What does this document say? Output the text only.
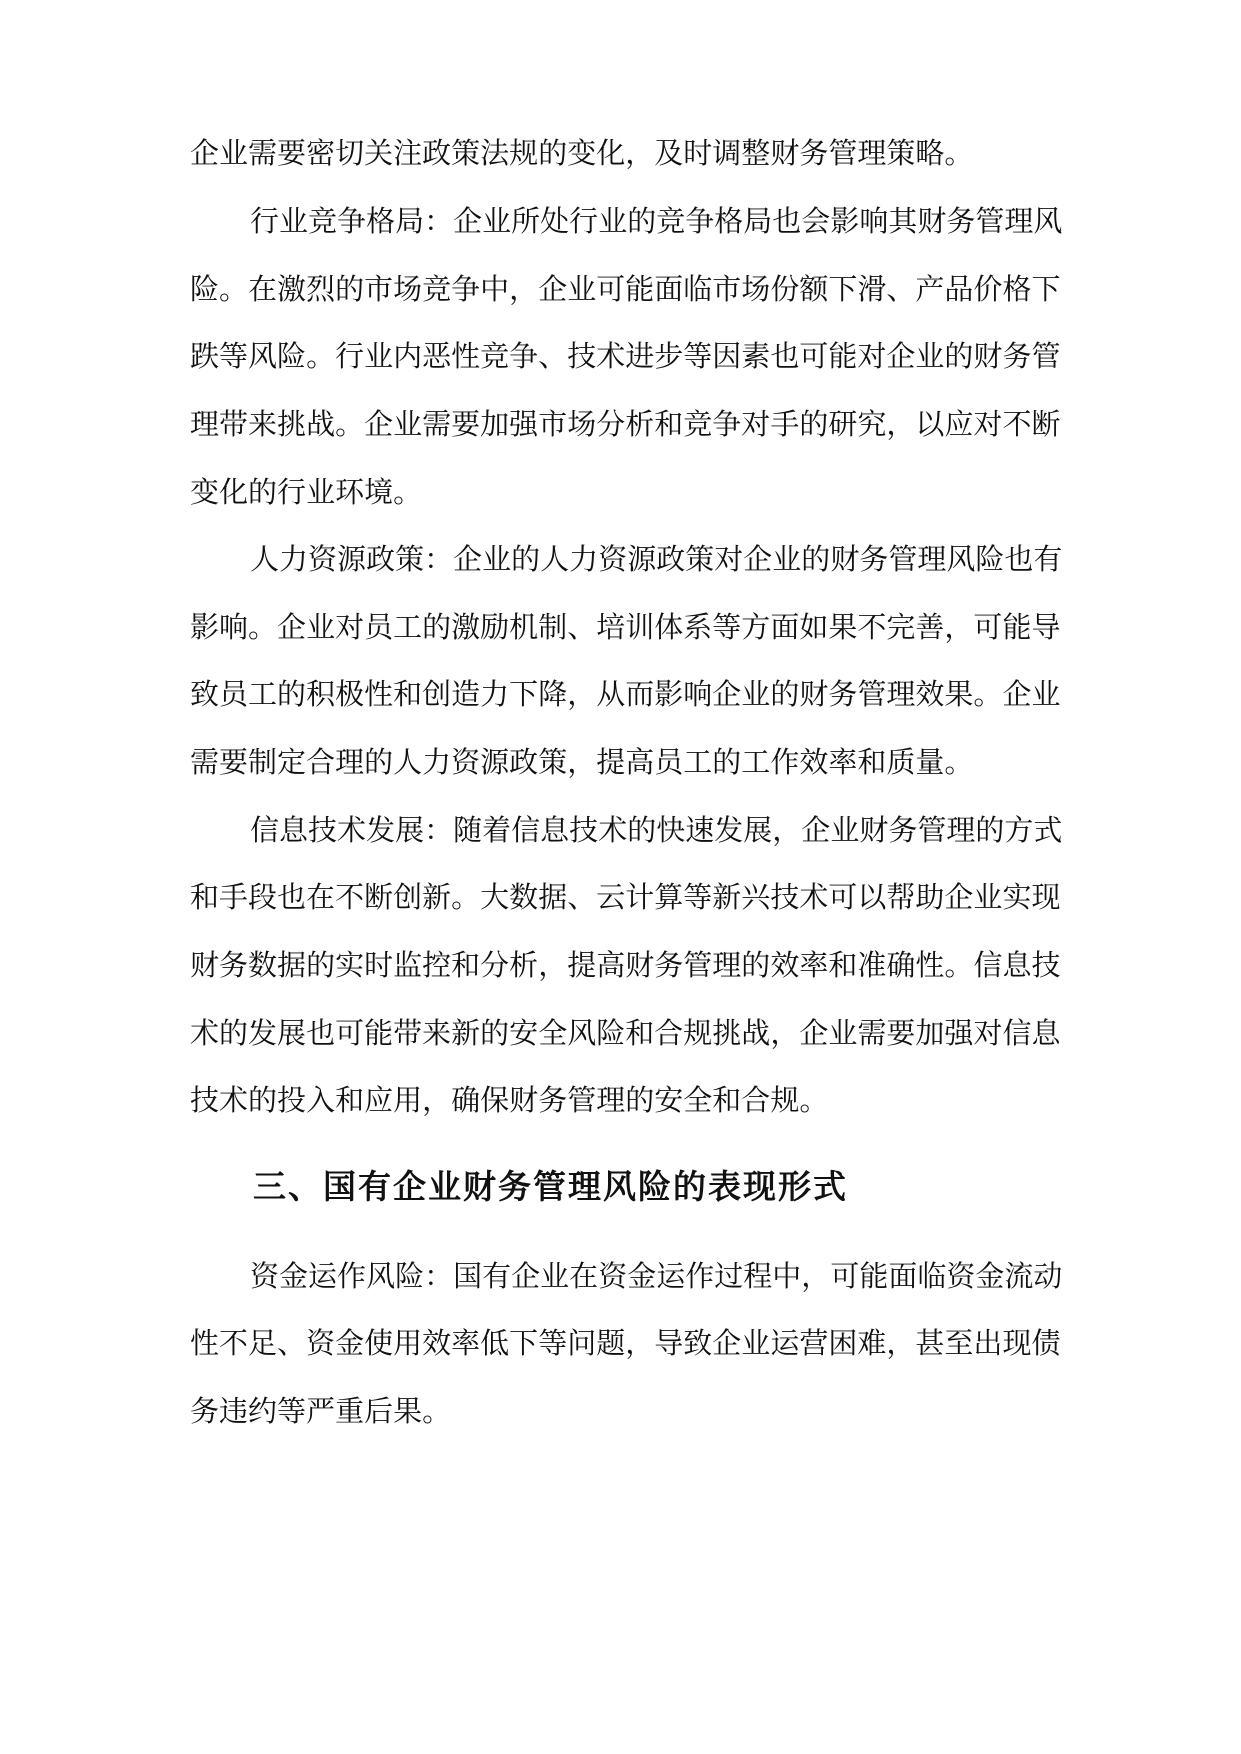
企 业 需 要 密 切 关 注 政 策 法 规 的 变 化 ， 及 时 调 整 财 务 管 理 策 略 。
行 业 竞 争 格 局 ： 企 业 所 处 行 业 的 竞 争 格 局 也 会 影 响 其 财 务 管 理 风
险 。 在 激 烈 的 市 场 竞 争 中 ， 企 业 可 能 面 临 市 场 份 额 下 滑 、 产 品 价 格 下
跌 等 风 险 。 行 业 内 恶 性 竞 争 、 技 术 进 步 等 因 素 也 可 能 对 企 业 的 财 务 管
理 带 来 挑 战 。 企 业 需 要 加 强 市 场 分 析 和 竞 争 对 手 的 研 究 ， 以 应 对 不 断
变 化 的 行 业 环 境 。
人 力 资 源 政 策 ： 企 业 的 人 力 资 源 政 策 对 企 业 的 财 务 管 理 风 险 也 有
影 响 。 企 业 对 员 工 的 激 励 机 制 、 培 训 体 系 等 方 面 如 果 不 完 善 ， 可 能 导
致 员 工 的 积 极 性 和 创 造 力 下 降 ， 从 而 影 响 企 业 的 财 务 管 理 效 果 。 企 业
需 要 制 定 合 理 的 人 力 资 源 政 策 ， 提 高 员 工 的 工 作 效 率 和 质 量 。
信 息 技 术 发 展 ： 随 着 信 息 技 术 的 快 速 发 展 ， 企 业 财 务 管 理 的 方 式
和 手 段 也 在 不 断 创 新 。 大 数 据 、 云 计 算 等 新 兴 技 术 可 以 帮 助 企 业 实 现
财 务 数 据 的 实 时 监 控 和 分 析 ， 提 高 财 务 管 理 的 效 率 和 准 确 性 。 信 息 技
术 的 发 展 也 可 能 带 来 新 的 安 全 风 险 和 合 规 挑 战 ， 企 业 需 要 加 强 对 信 息
技 术 的 投 入 和 应 用 ， 确 保 财 务 管 理 的 安 全 和 合 规 。
三、国有企业财务管理风险的表现形式
资 金 运 作 风 险 ： 国 有 企 业 在 资 金 运 作 过 程 中 ， 可 能 面 临 资 金 流 动
性 不 足 、 资 金 使 用 效 率 低 下 等 问 题 ， 导 致 企 业 运 营 困 难 ， 甚 至 出 现 债
务 违 约 等 严 重 后 果 。
